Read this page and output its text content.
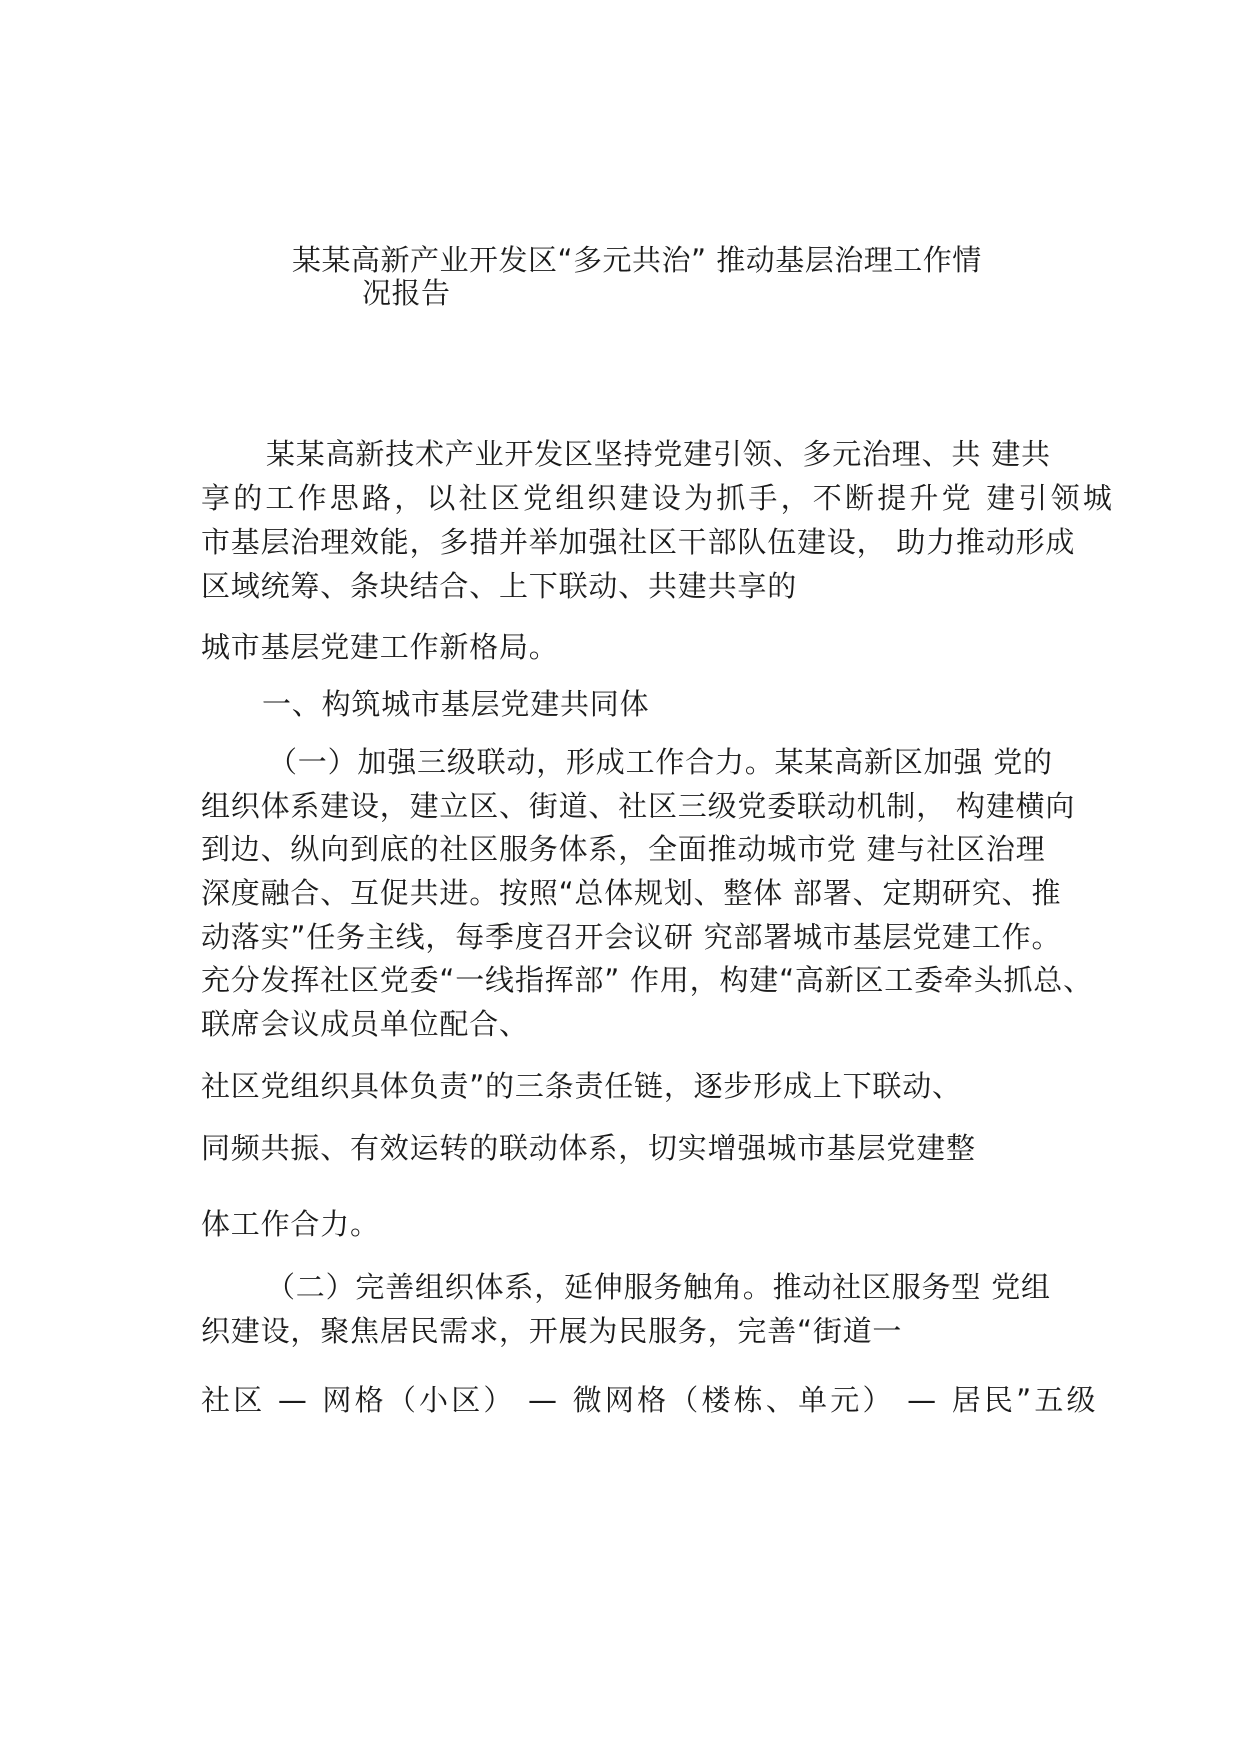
某某高新产业开发区“多元共治” 推动基层治理工作情
况报告

某某高新技术产业开发区坚持党建引领、多元治理、共 建共

享的工作思路，以社区党组织建设为抓手，不断提升党 建引领城

市基层治理效能，多措并举加强社区干部队伍建设， 助力推动形成

区域统筹、条块结合、上下联动、共建共享的

城市基层党建工作新格局。

一、构筑城市基层党建共同体

（一）加强三级联动，形成工作合力。某某高新区加强 党的

组织体系建设，建立区、街道、社区三级党委联动机制， 构建横向

到边、纵向到底的社区服务体系，全面推动城市党 建与社区治理

深度融合、互促共进。按照“总体规划、整体 部署、定期研究、推

动落实”任务主线，每季度召开会议研 究部署城市基层党建工作。

充分发挥社区党委“一线指挥部” 作用，构建“高新区工委牵头抓总、

联席会议成员单位配合、

社区党组织具体负责”的三条责任链，逐步形成上下联动、

同频共振、有效运转的联动体系，切实增强城市基层党建整

体工作合力。

（二）完善组织体系，延伸服务触角。推动社区服务型 党组

织建设，聚焦居民需求，开展为民服务，完善“街道一

社区 — 网格（小区） — 微网格（楼栋、单元） — 居民”五级
